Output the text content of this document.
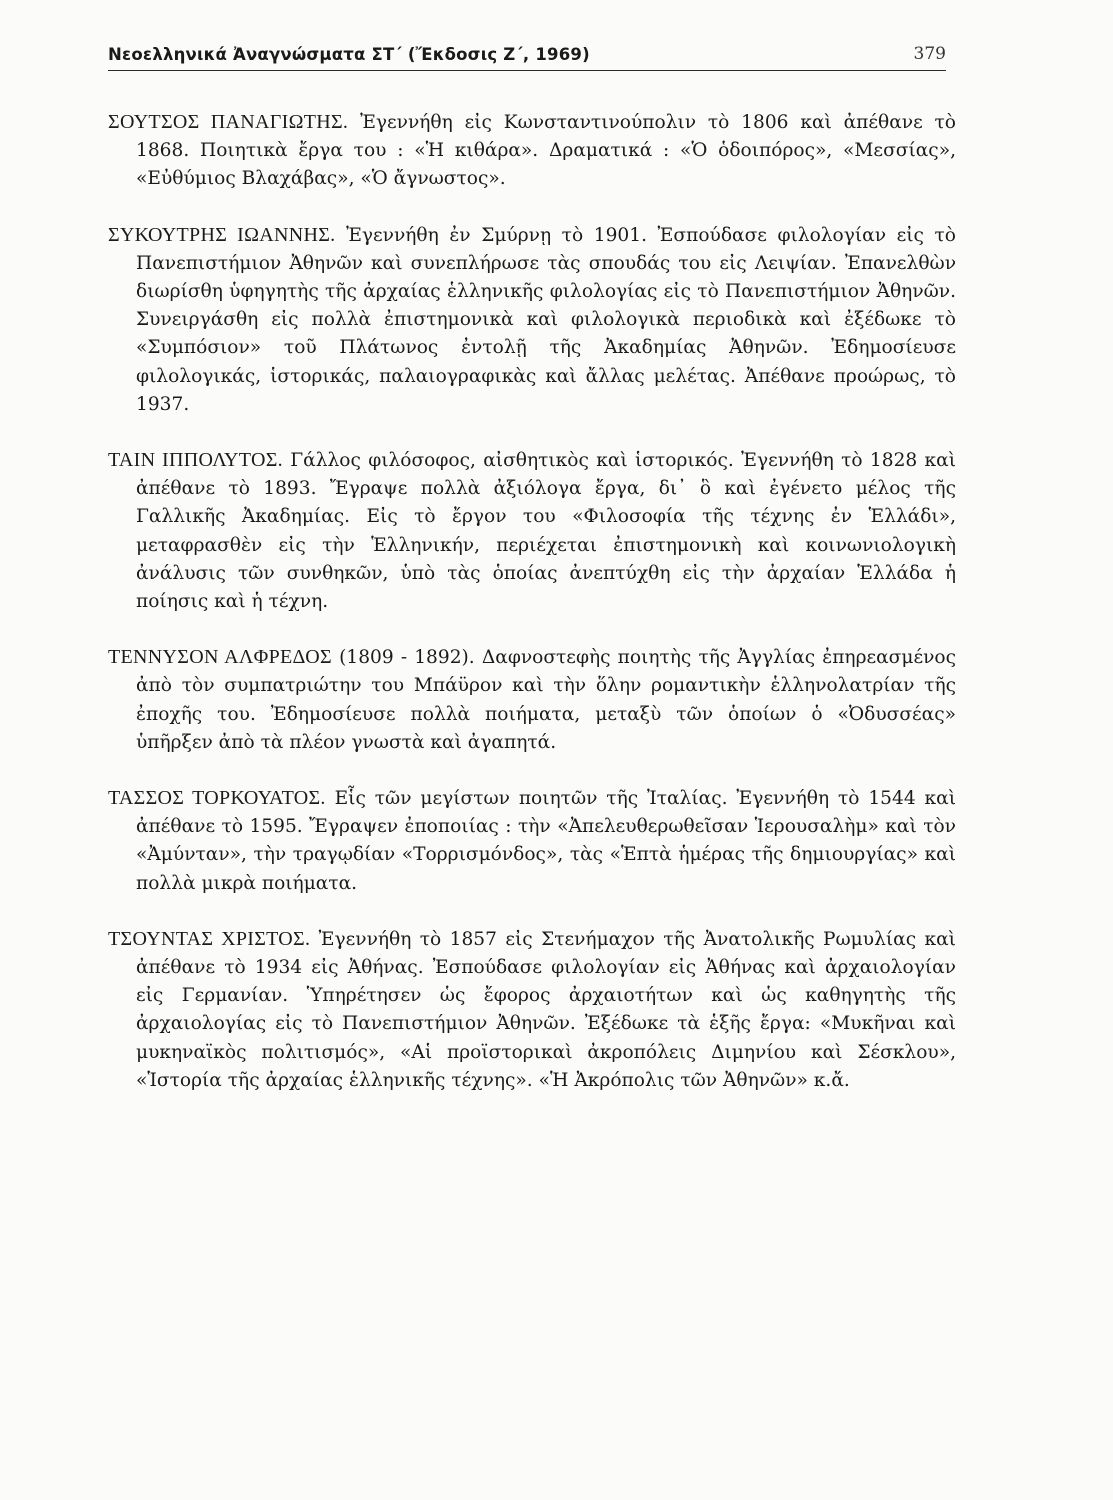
Νεοελληνικά Ἀναγνώσματα ΣΤ΄ (Ἔκδοσις Ζ΄, 1969)	379

ΣΟΥΤΣΟΣ ΠΑΝΑΓΙΩΤΗΣ. Ἐγεννήθη εἰς Κωνσταντινούπολιν τὸ 1806 καὶ ἀπέθανε τὸ 1868. Ποιητικὰ ἔργα του : «Ἡ κιθάρα». Δραματικά : «Ὁ ὁδοιπόρος», «Μεσσίας», «Εὐθύμιος Βλαχάβας», «Ὁ ἄγνωστος».

ΣΥΚΟΥΤΡΗΣ ΙΩΑΝΝΗΣ. Ἐγεννήθη ἐν Σμύρνῃ τὸ 1901. Ἐσπούδασε φιλολογίαν εἰς τὸ Πανεπιστήμιον Ἀθηνῶν καὶ συνεπλήρωσε τὰς σπουδάς του εἰς Λειψίαν. Ἐπανελθὼν διωρίσθη ὑφηγητὴς τῆς ἀρχαίας ἑλληνικῆς φιλολογίας εἰς τὸ Πανεπιστήμιον Ἀθηνῶν. Συνειργάσθη εἰς πολλὰ ἐπιστημονικὰ καὶ φιλολογικὰ περιοδικὰ καὶ ἐξέδωκε τὸ «Συμπόσιον» τοῦ Πλάτωνος ἐντολῇ τῆς Ἀκαδημίας Ἀθηνῶν. Ἐδημοσίευσε φιλολογικάς, ἱστορικάς, παλαιογραφικὰς καὶ ἄλλας μελέτας. Ἀπέθανε προώρως, τὸ 1937.

ΤΑΙΝ ΙΠΠΟΛΥΤΟΣ. Γάλλος φιλόσοφος, αἰσθητικὸς καὶ ἱστορικός. Ἐγεννήθη τὸ 1828 καὶ ἀπέθανε τὸ 1893. Ἔγραψε πολλὰ ἀξιόλογα ἔργα, δι᾽ ὃ καὶ ἐγένετο μέλος τῆς Γαλλικῆς Ἀκαδημίας. Εἰς τὸ ἔργον του «Φιλοσοφία τῆς τέχνης ἐν Ἑλλάδι», μεταφρασθὲν εἰς τὴν Ἑλληνικήν, περιέχεται ἐπιστημονικὴ καὶ κοινωνιολογικὴ ἀνάλυσις τῶν συνθηκῶν, ὑπὸ τὰς ὁποίας ἀνεπτύχθη εἰς τὴν ἀρχαίαν Ἑλλάδα ἡ ποίησις καὶ ἡ τέχνη.

ΤΕΝΝΥΣΟΝ ΑΛΦΡΕΔΟΣ (1809 - 1892). Δαφνοστεφὴς ποιητὴς τῆς Ἀγγλίας ἐπηρεασμένος ἀπὸ τὸν συμπατριώτην του Μπάϋρον καὶ τὴν ὅλην ρομαντικὴν ἑλληνολατρίαν τῆς ἐποχῆς του. Ἐδημοσίευσε πολλὰ ποιήματα, μεταξὺ τῶν ὁποίων ὁ «Ὀδυσσέας» ὑπῆρξεν ἀπὸ τὰ πλέον γνωστὰ καὶ ἀγαπητά.

ΤΑΣΣΟΣ ΤΟΡΚΟΥΑΤΟΣ. Εἷς τῶν μεγίστων ποιητῶν τῆς Ἰταλίας. Ἐγεννήθη τὸ 1544 καὶ ἀπέθανε τὸ 1595. Ἔγραψεν ἐποποιίας : τὴν «Ἀπελευθερωθεῖσαν Ἱερουσαλὴμ» καὶ τὸν «Ἀμύνταν», τὴν τραγῳδίαν «Τορρισμόνδος», τὰς «Ἑπτὰ ἡμέρας τῆς δημιουργίας» καὶ πολλὰ μικρὰ ποιήματα.

ΤΣΟΥΝΤΑΣ ΧΡΙΣΤΟΣ. Ἐγεννήθη τὸ 1857 εἰς Στενήμαχον τῆς Ἀνατολικῆς Ρωμυλίας καὶ ἀπέθανε τὸ 1934 εἰς Ἀθήνας. Ἐσπούδασε φιλολογίαν εἰς Ἀθήνας καὶ ἀρχαιολογίαν εἰς Γερμανίαν. Ὑπηρέτησεν ὡς ἔφορος ἀρχαιοτήτων καὶ ὡς καθηγητὴς τῆς ἀρχαιολογίας εἰς τὸ Πανεπιστήμιον Ἀθηνῶν. Ἐξέδωκε τὰ ἑξῆς ἔργα: «Μυκῆναι καὶ μυκηναϊκὸς πολιτισμός», «Αἱ προϊστορικαὶ ἀκροπόλεις Διμηνίου καὶ Σέσκλου», «Ἱστορία τῆς ἀρχαίας ἑλληνικῆς τέχνης». «Ἡ Ἀκρόπολις τῶν Ἀθηνῶν» κ.ἄ.
